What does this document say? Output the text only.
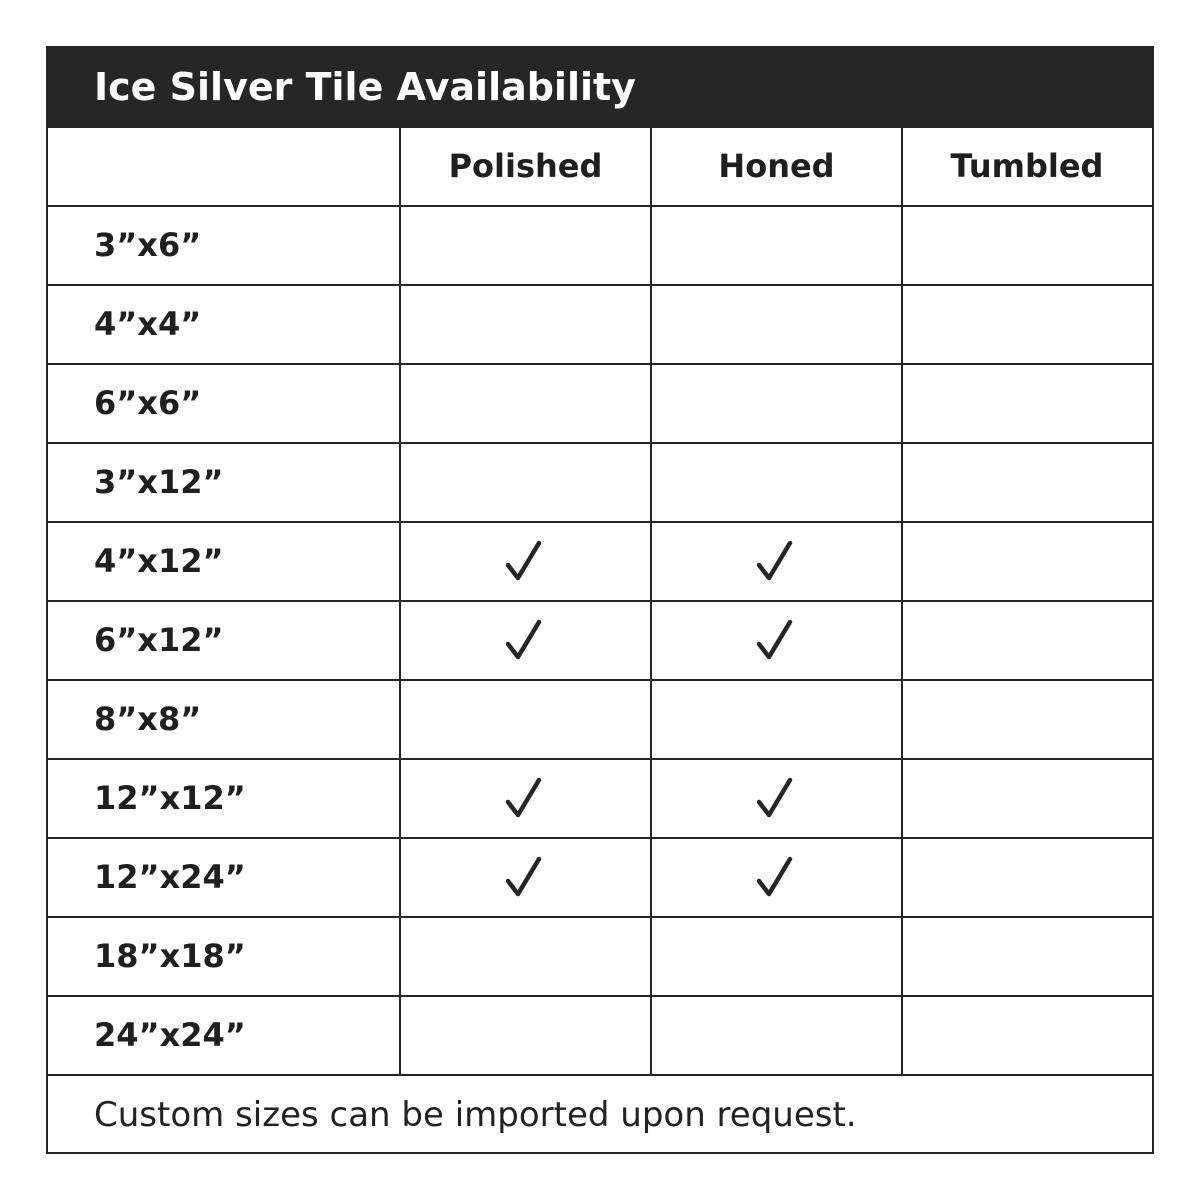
Ice Silver Tile Availability
Custom sizes can be imported upon request.
Polished	Honed	Tumbled
3”x6”
4”x4”
6”x6”
3”x12”
4”x12”
6”x12”
8”x8”
12”x12”
12”x24”
18”x18”
24”x24”
